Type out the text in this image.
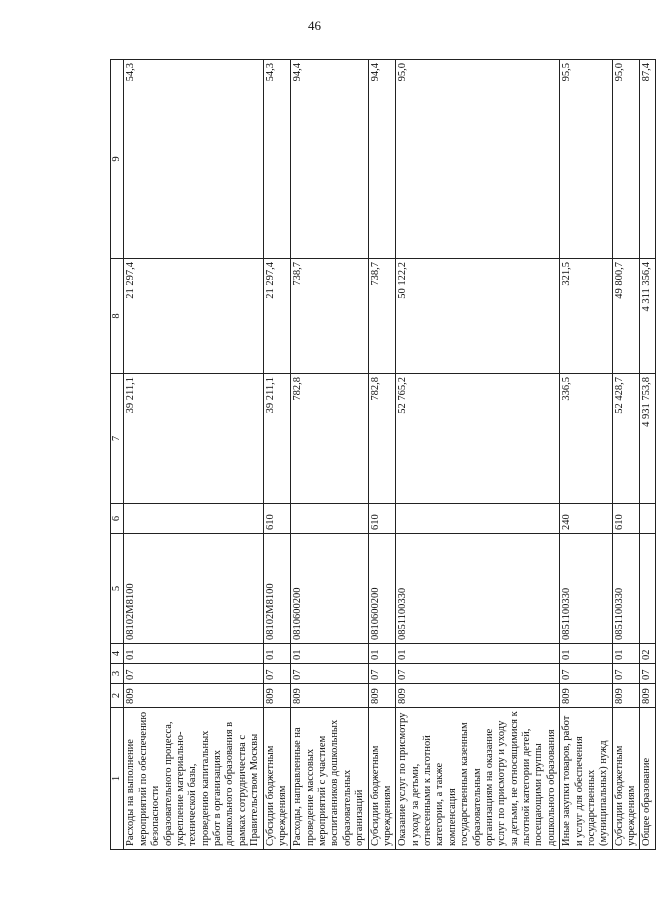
46
1	2	3	4	5	6	7	8	9
Расходы на выполнение мероприятий по обеспечению безопасности образовательного процесса, укрепление материально-технической базы, проведению капитальных работ в организациях дошкольного образования в рамках сотрудничества с Правительством Москвы	809	07	01	08102M8100		39 211,1	21 297,4	54,3
Субсидии бюджетным учреждениям	809	07	01	08102M8100	610	39 211,1	21 297,4	54,3
Расходы, направленные на проведение массовых мероприятий с участием воспитанников дошкольных образовательных организаций	809	07	01	0810600200		782,8	738,7	94,4
Субсидии бюджетным учреждениям	809	07	01	0810600200	610	782,8	738,7	94,4
Оказание услуг по присмотру и уходу за детьми, отнесенными к льготной категории, а также компенсация государственным казенным образовательным организациям на оказание услуг по присмотру и уходу за детьми, не относящимися к льготной категории детей, посещающими группы дошкольного образования	809	07	01	0851100330		52 765,2	50 122,2	95,0
Иные закупки товаров, работ и услуг для обеспечения государственных (муниципальных) нужд	809	07	01	0851100330	240	336,5	321,5	95,5
Субсидии бюджетным учреждениям	809	07	01	0851100330	610	52 428,7	49 800,7	95,0
Общее образование	809	07	02			4 931 753,8	4 311 356,4	87,4
